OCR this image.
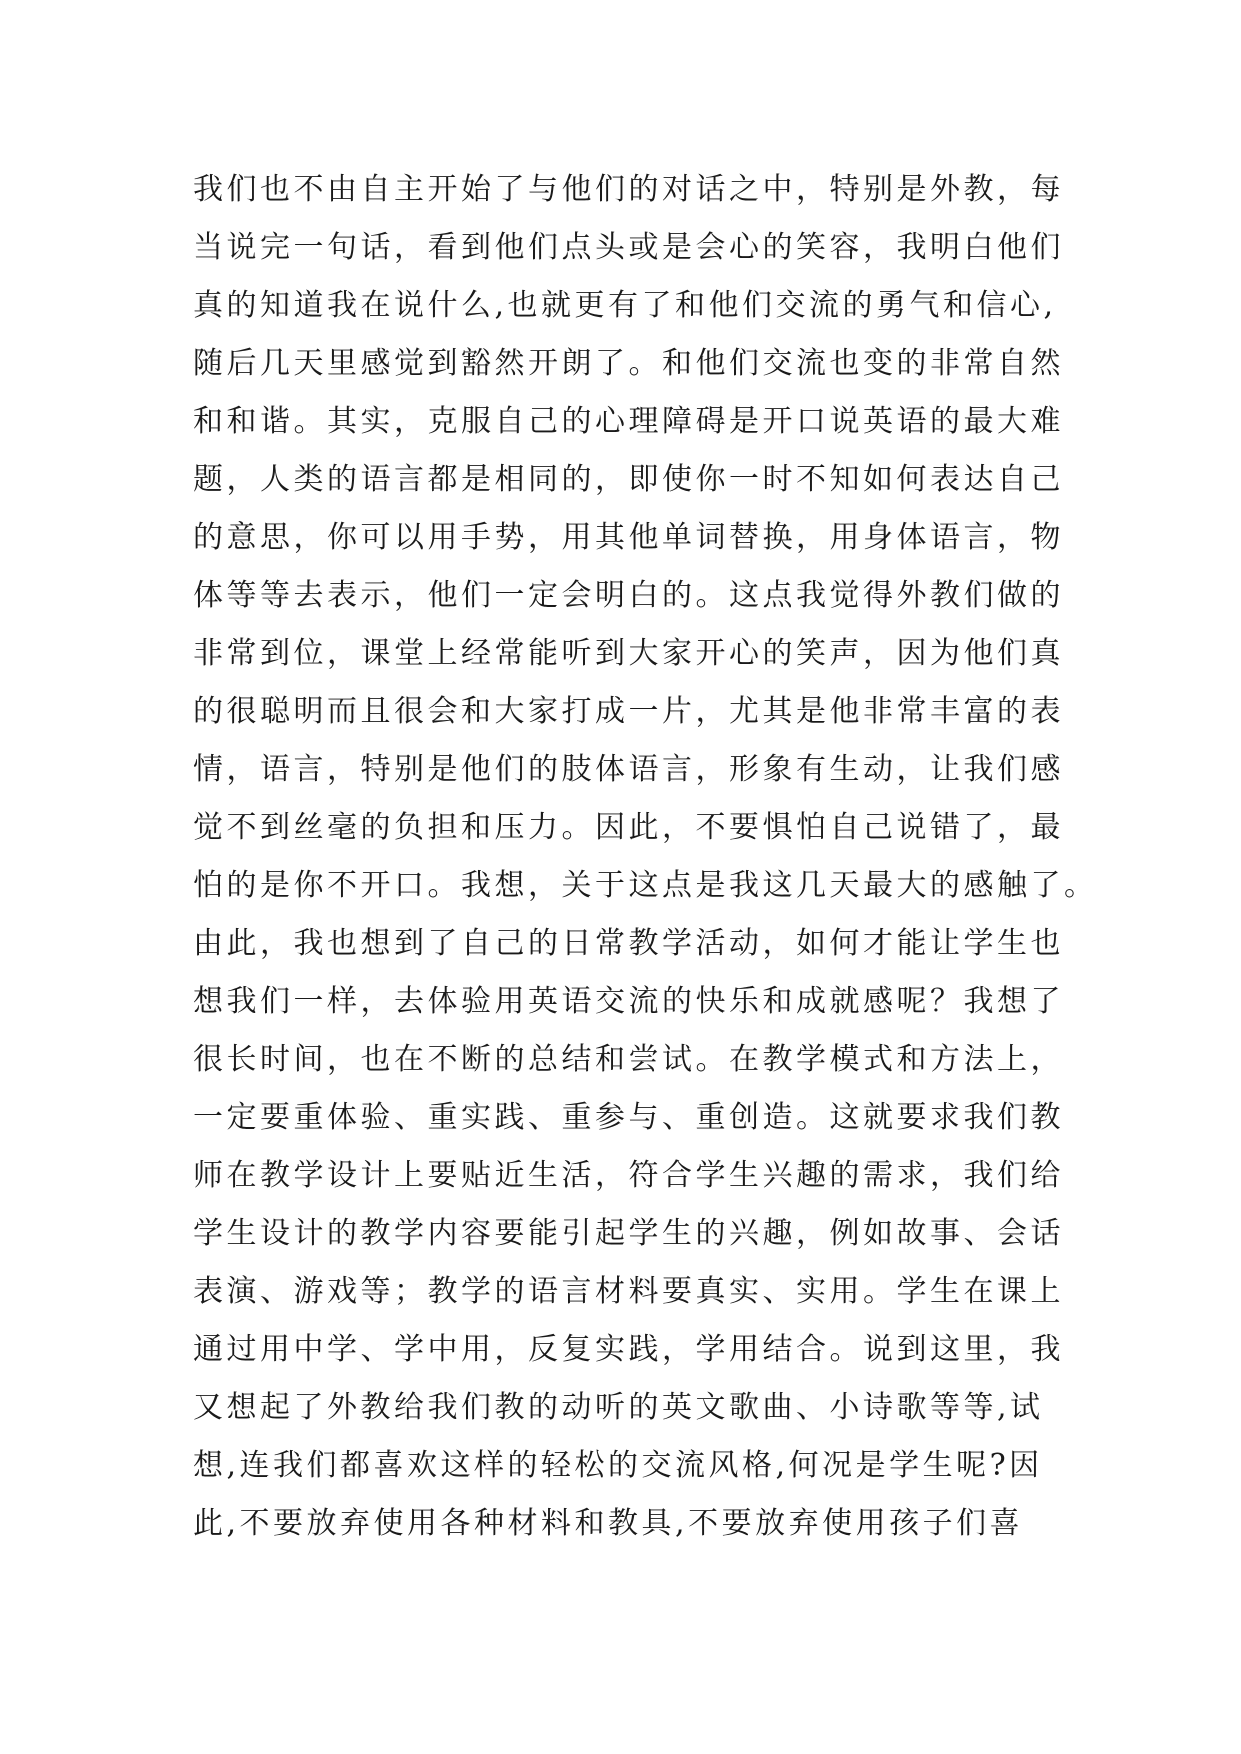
我们也不由自主开始了与他们的对话之中，特别是外教，每
当说完一句话，看到他们点头或是会心的笑容，我明白他们
真的知道我在说什么,也就更有了和他们交流的勇气和信心,
随后几天里感觉到豁然开朗了。和他们交流也变的非常自然
和和谐。其实，克服自己的心理障碍是开口说英语的最大难
题，人类的语言都是相同的，即使你一时不知如何表达自己
的意思，你可以用手势，用其他单词替换，用身体语言，物
体等等去表示，他们一定会明白的。这点我觉得外教们做的
非常到位，课堂上经常能听到大家开心的笑声，因为他们真
的很聪明而且很会和大家打成一片，尤其是他非常丰富的表
情，语言，特别是他们的肢体语言，形象有生动，让我们感
觉不到丝毫的负担和压力。因此，不要惧怕自己说错了，最
怕的是你不开口。我想，关于这点是我这几天最大的感触了。
由此，我也想到了自己的日常教学活动，如何才能让学生也
想我们一样，去体验用英语交流的快乐和成就感呢？我想了
很长时间，也在不断的总结和尝试。在教学模式和方法上，
一定要重体验、重实践、重参与、重创造。这就要求我们教
师在教学设计上要贴近生活，符合学生兴趣的需求，我们给
学生设计的教学内容要能引起学生的兴趣，例如故事、会话
表演、游戏等；教学的语言材料要真实、实用。学生在课上
通过用中学、学中用，反复实践，学用结合。说到这里，我
又想起了外教给我们教的动听的英文歌曲、小诗歌等等,试
想,连我们都喜欢这样的轻松的交流风格,何况是学生呢?因
此,不要放弃使用各种材料和教具,不要放弃使用孩子们喜
